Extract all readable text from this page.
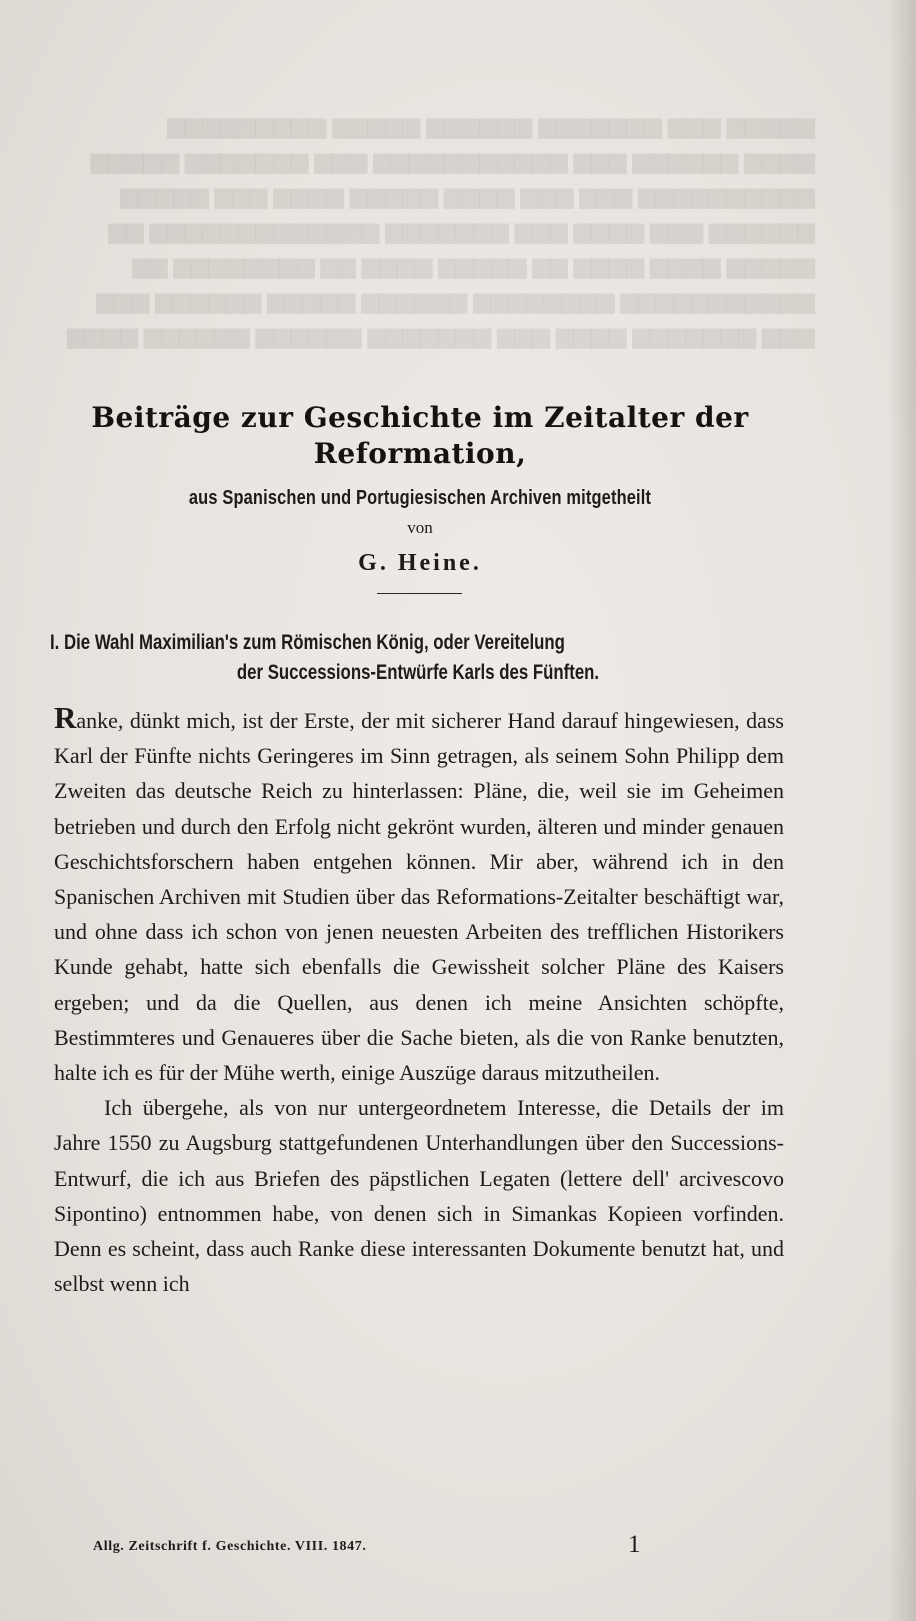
▆▆▆▆▆ ▆▆▆ ▆▆▆▆▆▆▆ ▆▆▆▆▆▆ ▆▆▆▆▆ ▆▆▆▆▆▆▆▆▆
▆▆▆▆ ▆▆▆▆▆▆ ▆▆▆ ▆▆▆▆▆▆▆▆▆▆▆ ▆▆▆ ▆▆▆▆▆▆▆ ▆▆▆▆▆
▆▆▆▆▆▆▆▆▆▆ ▆▆▆ ▆▆▆ ▆▆▆▆ ▆▆▆▆▆ ▆▆▆▆ ▆▆▆ ▆▆▆▆▆
▆▆▆▆▆▆ ▆▆▆ ▆▆▆▆ ▆▆▆ ▆▆▆▆▆▆▆ ▆▆▆▆▆▆▆▆▆▆▆▆▆ ▆▆
▆▆▆▆▆ ▆▆▆▆ ▆▆▆▆ ▆▆ ▆▆▆▆▆ ▆▆▆▆ ▆▆ ▆▆▆▆▆▆▆▆ ▆▆
▆▆▆▆▆▆▆▆▆▆▆ ▆▆▆▆▆▆▆▆ ▆▆▆▆▆▆ ▆▆▆▆▆ ▆▆▆▆▆▆ ▆▆▆
▆▆▆ ▆▆▆▆▆▆▆ ▆▆▆▆ ▆▆▆ ▆▆▆▆▆▆▆ ▆▆▆▆▆▆ ▆▆▆▆▆▆ ▆▆▆▆
Beiträge zur Geschichte im Zeitalter der
Reformation,
aus Spanischen und Portugiesischen Archiven mitgetheilt
von
G. Heine.
I. Die Wahl Maximilian's zum Römischen König, oder Vereitelung
der Successions-Entwürfe Karls des Fünften.

Ranke, dünkt mich, ist der Erste, der mit sicherer Hand darauf hingewiesen, dass Karl der Fünfte nichts Geringeres im Sinn getragen, als seinem Sohn Philipp dem Zweiten das deutsche Reich zu hinterlassen: Pläne, die, weil sie im Geheimen betrieben und durch den Erfolg nicht gekrönt wurden, älteren und minder genauen Geschichtsforschern haben entgehen können. Mir aber, während ich in den Spanischen Archiven mit Studien über das Reformations-Zeitalter beschäftigt war, und ohne dass ich schon von jenen neuesten Arbeiten des trefflichen Historikers Kunde gehabt, hatte sich ebenfalls die Gewissheit solcher Pläne des Kaisers ergeben; und da die Quellen, aus denen ich meine Ansichten schöpfte, Bestimmteres und Genaueres über die Sache bieten, als die von Ranke benutzten, halte ich es für der Mühe werth, einige Auszüge daraus mitzutheilen.

Ich übergehe, als von nur untergeordnetem Interesse, die Details der im Jahre 1550 zu Augsburg stattgefundenen Unterhandlungen über den Successions-Entwurf, die ich aus Briefen des päpstlichen Legaten (lettere dell' arcivescovo Sipontino) entnommen habe, von denen sich in Simankas Kopieen vorfinden. Denn es scheint, dass auch Ranke diese interessanten Dokumente benutzt hat, und selbst wenn ich

Allg. Zeitschrift f. Geschichte. VIII. 1847.	1
